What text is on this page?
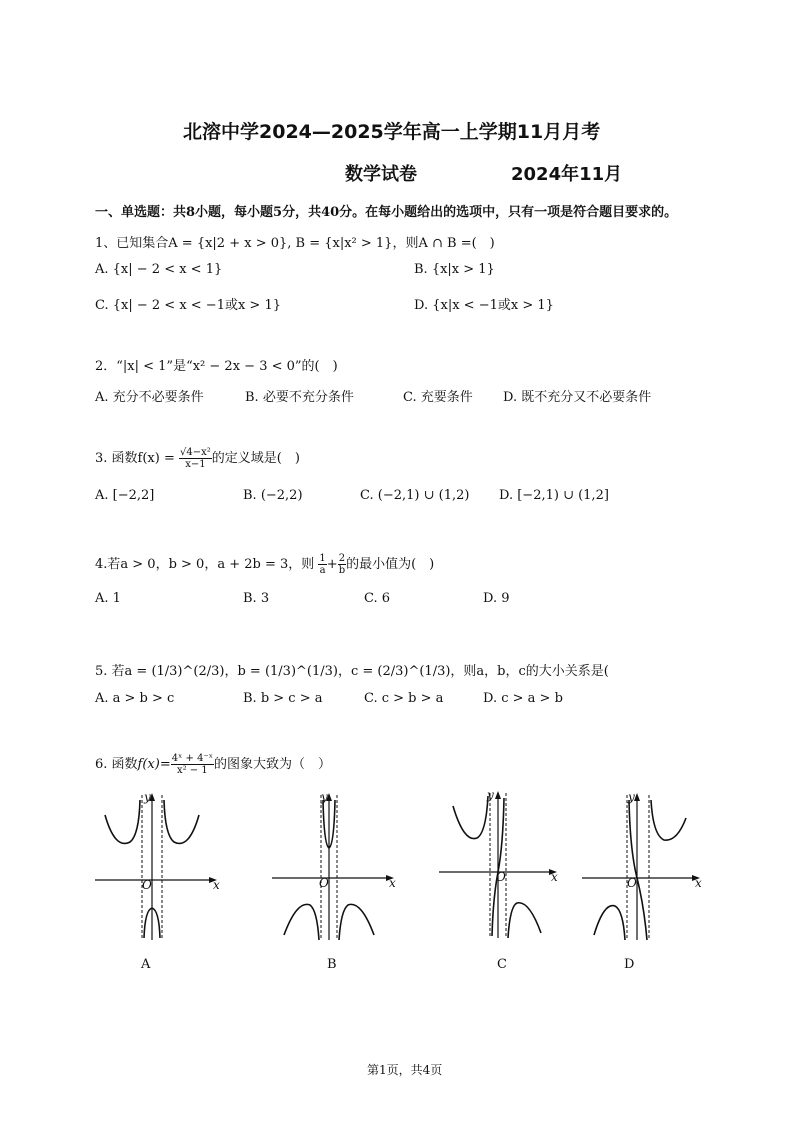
北溶中学2024—2025学年高一上学期11月月考
数学试卷	2024年11月
一、单选题：共8小题，每小题5分，共40分。在每小题给出的选项中，只有一项是符合题目要求的。
1、已知集合A = {x|2 + x > 0}, B = {x|x² > 1}，则A ∩ B =(　)
A. {x| − 2 < x < 1}	B. {x|x > 1}
C. {x| − 2 < x < −1或x > 1}	D. {x|x < −1或x > 1}
2．“|x| < 1”是“x² − 2x − 3 < 0”的(　)
A. 充分不必要条件	B. 必要不充分条件	C. 充要条件 D. 既不充分又不必要条件
3. 函数$f(x) = \frac{\text{√4−x²}}{x-1}$ 的定义域是(　)
A. [−2,2]	B. (−2,2)	C. (−2,1) ∪ (1,2) D. [−2,1) ∪ (1,2]
4.若a > 0，b > 0，a + 2b = 3，则 $\frac{1}{a} + \frac{2}{b}$ 的最小值为(　)
A. 1	B. 3	C. 6	D. 9
5. 若a = (1/3)^(2/3)，b = (1/3)^(1/3)，c = (2/3)^(1/3)，则a，b，c的大小关系是(
A. a > b > c	B. b > c > a	C. c > b > a	D. c > a > b
6. 函数$f(x)= \frac{\text{4ˣ + 4⁻ˣ}}{\text{x² − 1}}$ 的图象大致为（　）
y
x
O
A
y
x
O
B
y
x
O
C
y
x
O
D
第1页，共4页
